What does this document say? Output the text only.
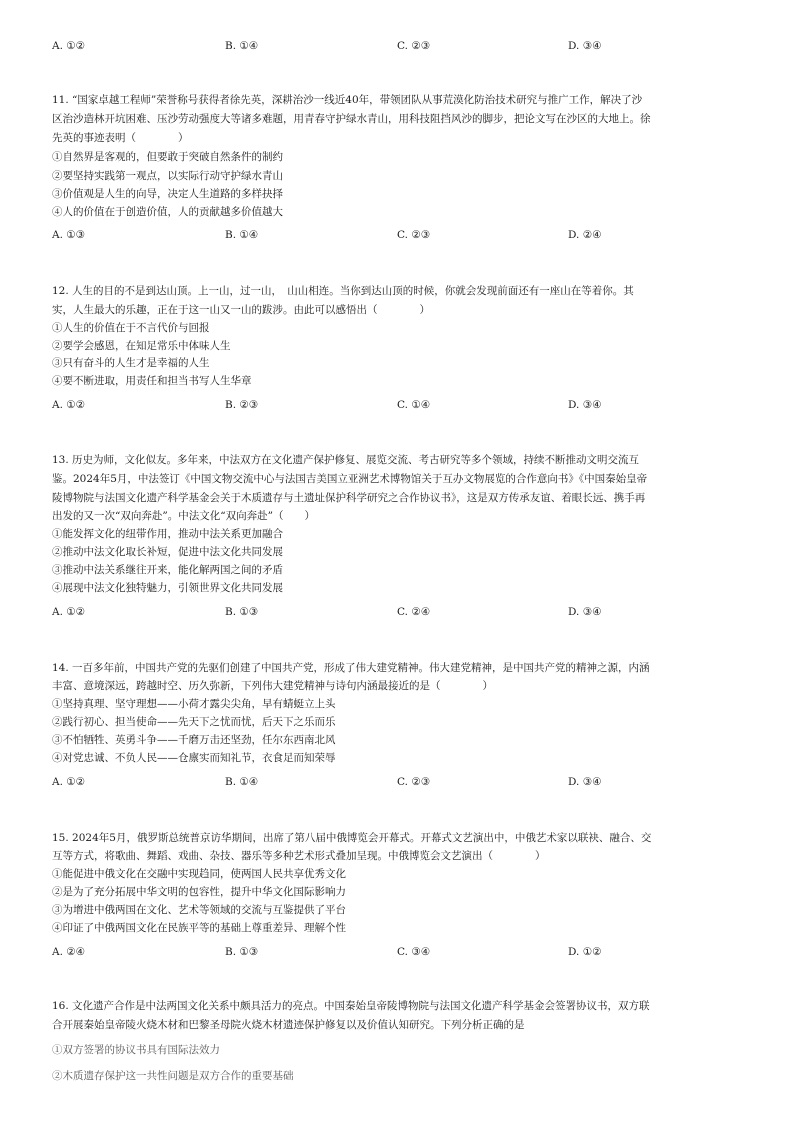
A. ①②	B. ①④	C. ②③	D. ③④
11. “国家卓越工程师”荣誉称号获得者徐先英，深耕治沙一线近40年，带领团队从事荒漠化防治技术研究与推广工作，解决了沙
区治沙造林开坑困难、压沙劳动强度大等诸多难题，用青春守护绿水青山，用科技阻挡风沙的脚步，把论文写在沙区的大地上。徐
先英的事迹表明（　　　　）
①自然界是客观的，但要敢于突破自然条件的制约
②要坚持实践第一观点，以实际行动守护绿水青山
③价值观是人生的向导，决定人生道路的多样抉择
④人的价值在于创造价值，人的贡献越多价值越大
A. ①③	B. ①④	C. ②③	D. ②④
12. 人生的目的不是到达山顶。上一山，过一山，　山山相连。当你到达山顶的时候，你就会发现前面还有一座山在等着你。其
实，人生最大的乐趣，正在于这一山又一山的跋涉。由此可以感悟出（　　　　）
①人生的价值在于不言代价与回报
②要学会感恩，在知足常乐中体味人生
③只有奋斗的人生才是幸福的人生
④要不断进取，用责任和担当书写人生华章
A. ①②	B. ②③	C. ①④	D. ③④
13. 历史为师，文化似友。多年来，中法双方在文化遗产保护修复、展览交流、考古研究等多个领域，持续不断推动文明交流互
鉴。2024年5月，中法签订《中国文物交流中心与法国吉美国立亚洲艺术博物馆关于互办文物展览的合作意向书》《中国秦始皇帝
陵博物院与法国文化遗产科学基金会关于木质遗存与土遗址保护科学研究之合作协议书》，这是双方传承友谊、着眼长远、携手再
出发的又一次“双向奔赴”。中法文化“双向奔赴”（　　）
①能发挥文化的纽带作用，推动中法关系更加融合
②推动中法文化取长补短，促进中法文化共同发展
③推动中法关系继往开来，能化解两国之间的矛盾
④展现中法文化独特魅力，引领世界文化共同发展
A. ①②	B. ①③	C. ②④	D. ③④
14. 一百多年前，中国共产党的先驱们创建了中国共产党，形成了伟大建党精神。伟大建党精神，是中国共产党的精神之源，内涵
丰富、意境深远，跨越时空、历久弥新，下列伟大建党精神与诗句内涵最接近的是（　　　　）
①坚持真理、坚守理想——小荷才露尖尖角，早有蜻蜓立上头
②践行初心、担当使命——先天下之忧而忧，后天下之乐而乐
③不怕牺牲、英勇斗争——千磨万击还坚劲，任尔东西南北风
④对党忠诚、不负人民——仓廪实而知礼节，衣食足而知荣辱
A. ①②	B. ①④	C. ②③	D. ③④
15. 2024年5月，俄罗斯总统普京访华期间，出席了第八届中俄博览会开幕式。开幕式文艺演出中，中俄艺术家以联袂、融合、交
互等方式，将歌曲、舞蹈、戏曲、杂技、器乐等多种艺术形式叠加呈现。中俄博览会文艺演出（　　　　）
①能促进中俄文化在交融中实现趋同，使两国人民共享优秀文化
②是为了充分拓展中华文明的包容性，提升中华文化国际影响力
③为增进中俄两国在文化、艺术等领域的交流与互鉴提供了平台
④印证了中俄两国文化在民族平等的基础上尊重差异、理解个性
A. ②④	B. ①③	C. ③④	D. ①②
16. 文化遗产合作是中法两国文化关系中颇具活力的亮点。中国秦始皇帝陵博物院与法国文化遗产科学基金会签署协议书，双方联
合开展秦始皇帝陵火烧木材和巴黎圣母院火烧木材遗迹保护修复以及价值认知研究。下列分析正确的是
①双方签署的协议书具有国际法效力
②木质遗存保护这一共性问题是双方合作的重要基础
